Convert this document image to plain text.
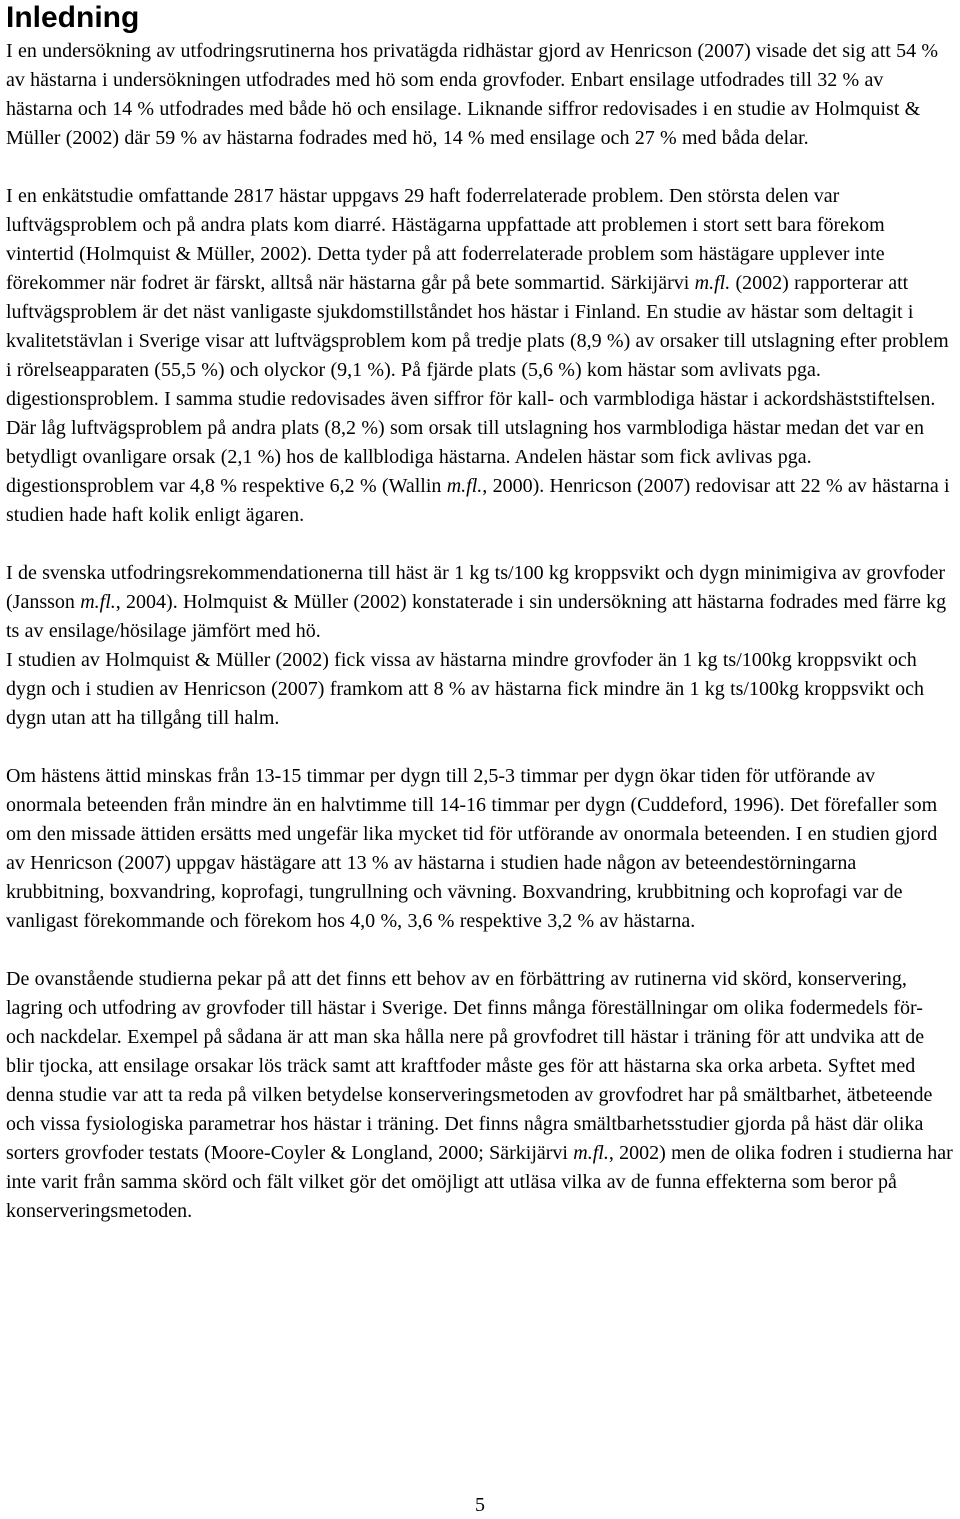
Inledning

I en undersökning av utfodringsrutinerna hos privatägda ridhästar gjord av Henricson (2007) visade det sig att 54 % av hästarna i undersökningen utfodrades med hö som enda grovfoder. Enbart ensilage utfodrades till 32 % av hästarna och 14 % utfodrades med både hö och ensilage. Liknande siffror redovisades i en studie av Holmquist & Müller (2002) där 59 % av hästarna fodrades med hö, 14 % med ensilage och 27 % med båda delar.

I en enkätstudie omfattande 2817 hästar uppgavs 29 haft foderrelaterade problem. Den största delen var luftvägsproblem och på andra plats kom diarré. Hästägarna uppfattade att problemen i stort sett bara förekom vintertid (Holmquist & Müller, 2002). Detta tyder på att foderrelaterade problem som hästägare upplever inte förekommer när fodret är färskt, alltså när hästarna går på bete sommartid. Särkijärvi m.fl. (2002) rapporterar att luftvägsproblem är det näst vanligaste sjukdomstillståndet hos hästar i Finland. En studie av hästar som deltagit i kvalitetstävlan i Sverige visar att luftvägsproblem kom på tredje plats (8,9 %) av orsaker till utslagning efter problem i rörelseapparaten (55,5 %) och olyckor (9,1 %). På fjärde plats (5,6 %) kom hästar som avlivats pga. digestionsproblem. I samma studie redovisades även siffror för kall- och varmblodiga hästar i ackordshäststiftelsen. Där låg luftvägsproblem på andra plats (8,2 %) som orsak till utslagning hos varmblodiga hästar medan det var en betydligt ovanligare orsak (2,1 %) hos de kallblodiga hästarna. Andelen hästar som fick avlivas pga. digestionsproblem var 4,8 % respektive 6,2 % (Wallin m.fl., 2000). Henricson (2007) redovisar att 22 % av hästarna i studien hade haft kolik enligt ägaren.

I de svenska utfodringsrekommendationerna till häst är 1 kg ts/100 kg kroppsvikt och dygn minimigiva av grovfoder (Jansson m.fl., 2004). Holmquist & Müller (2002) konstaterade i sin undersökning att hästarna fodrades med färre kg ts av ensilage/hösilage jämfört med hö.
I studien av Holmquist & Müller (2002) fick vissa av hästarna mindre grovfoder än 1 kg ts/100kg kroppsvikt och dygn och i studien av Henricson (2007) framkom att 8 % av hästarna fick mindre än 1 kg ts/100kg kroppsvikt och dygn utan att ha tillgång till halm.

Om hästens ättid minskas från 13-15 timmar per dygn till 2,5-3 timmar per dygn ökar tiden för utförande av onormala beteenden från mindre än en halvtimme till 14-16 timmar per dygn (Cuddeford, 1996). Det förefaller som om den missade ättiden ersätts med ungefär lika mycket tid för utförande av onormala beteenden. I en studien gjord av Henricson (2007) uppgav hästägare att 13 % av hästarna i studien hade någon av beteendestörningarna krubbitning, boxvandring, koprofagi, tungrullning och vävning. Boxvandring, krubbitning och koprofagi var de vanligast förekommande och förekom hos 4,0 %, 3,6 % respektive 3,2 % av hästarna.

De ovanstående studierna pekar på att det finns ett behov av en förbättring av rutinerna vid skörd, konservering, lagring och utfodring av grovfoder till hästar i Sverige. Det finns många föreställningar om olika fodermedels för- och nackdelar. Exempel på sådana är att man ska hålla nere på grovfodret till hästar i träning för att undvika att de blir tjocka, att ensilage orsakar lös träck samt att kraftfoder måste ges för att hästarna ska orka arbeta. Syftet med denna studie var att ta reda på vilken betydelse konserveringsmetoden av grovfodret har på smältbarhet, ätbeteende och vissa fysiologiska parametrar hos hästar i träning. Det finns några smältbarhetsstudier gjorda på häst där olika sorters grovfoder testats (Moore-Coyler & Longland, 2000; Särkijärvi m.fl., 2002) men de olika fodren i studierna har inte varit från samma skörd och fält vilket gör det omöjligt att utläsa vilka av de funna effekterna som beror på konserveringsmetoden.

5
